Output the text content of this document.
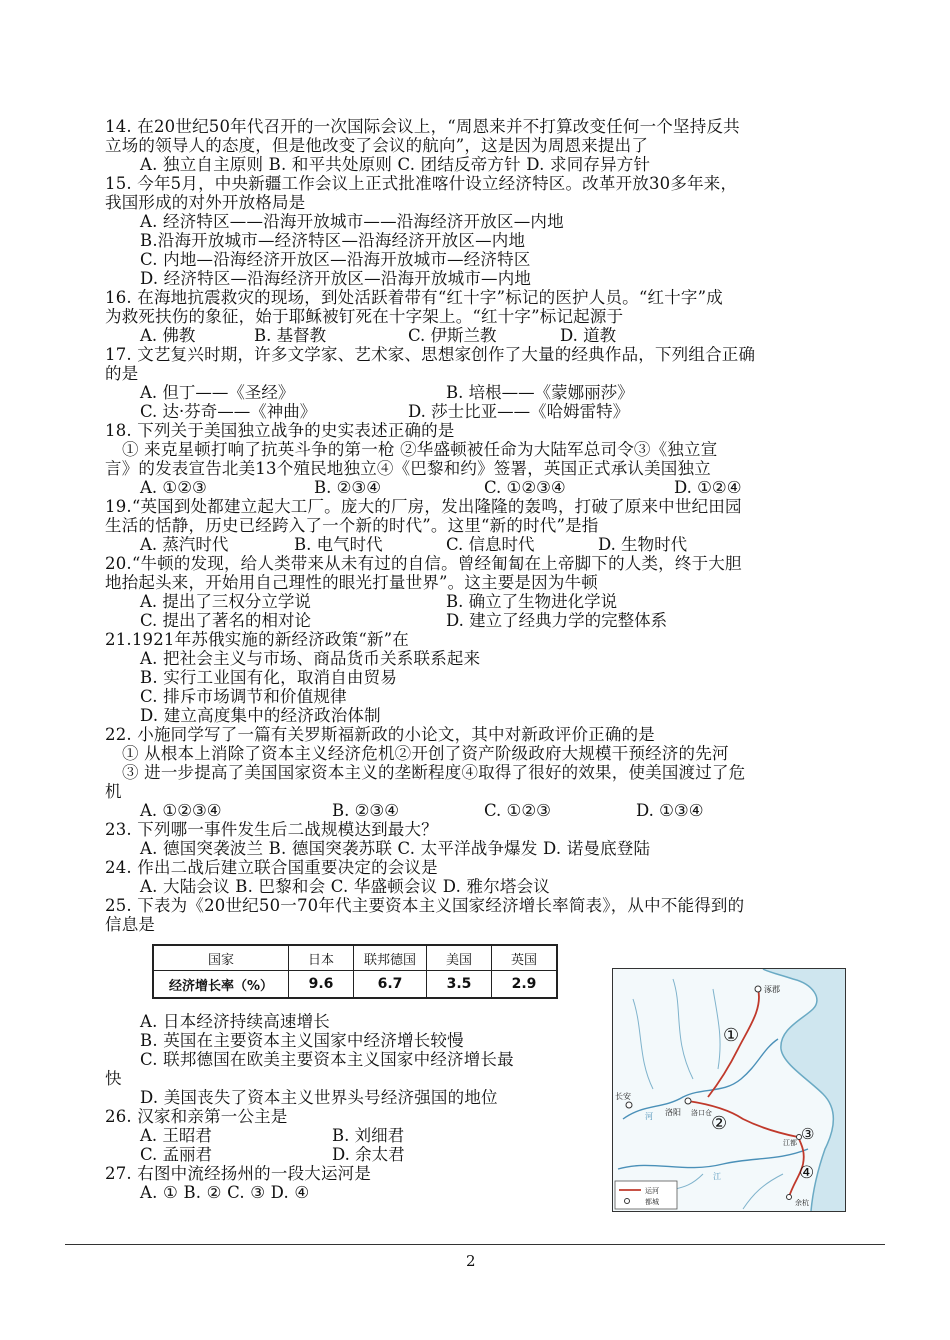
14. 在20世纪50年代召开的一次国际会议上，“周恩来并不打算改变任何一个坚持反共
立场的领导人的态度，但是他改变了会议的航向”，这是因为周恩来提出了
A. 独立自主原则 B. 和平共处原则 C. 团结反帝方针 D. 求同存异方针
15. 今年5月，中央新疆工作会议上正式批准喀什设立经济特区。改革开放30多年来，
我国形成的对外开放格局是
A. 经济特区——沿海开放城市——沿海经济开放区—内地
B.沿海开放城市—经济特区—沿海经济开放区—内地
C. 内地—沿海经济开放区—沿海开放城市—经济特区
D. 经济特区—沿海经济开放区—沿海开放城市—内地
16. 在海地抗震救灾的现场，到处活跃着带有“红十字”标记的医护人员。“红十字”成
为救死扶伤的象征，始于耶稣被钉死在十字架上。“红十字”标记起源于
A. 佛教	B. 基督教	C. 伊斯兰教	D. 道教
17. 文艺复兴时期，许多文学家、艺术家、思想家创作了大量的经典作品，下列组合正确
的是
A. 但丁——《圣经》	B. 培根——《蒙娜丽莎》
C. 达·芬奇——《神曲》	D. 莎士比亚——《哈姆雷特》
18. 下列关于美国独立战争的史实表述正确的是
① 来克星顿打响了抗英斗争的第一枪 ②华盛顿被任命为大陆军总司令③《独立宣
言》的发表宣告北美13个殖民地独立④《巴黎和约》签署，英国正式承认美国独立
A. ①②③	B. ②③④	C. ①②③④	D. ①②④
19.“英国到处都建立起大工厂。庞大的厂房，发出隆隆的轰鸣，打破了原来中世纪田园
生活的恬静，历史已经跨入了一个新的时代”。这里“新的时代”是指
A. 蒸汽时代	B. 电气时代	C. 信息时代	D. 生物时代
20.“牛顿的发现，给人类带来从未有过的自信。曾经匍匐在上帝脚下的人类，终于大胆
地抬起头来，开始用自己理性的眼光打量世界”。这主要是因为牛顿
A. 提出了三权分立学说	B. 确立了生物进化学说
C. 提出了著名的相对论	D. 建立了经典力学的完整体系
21.1921年苏俄实施的新经济政策“新”在
A. 把社会主义与市场、商品货币关系联系起来
B. 实行工业国有化，取消自由贸易
C. 排斥市场调节和价值规律
D. 建立高度集中的经济政治体制
22. 小施同学写了一篇有关罗斯福新政的小论文，其中对新政评价正确的是
① 从根本上消除了资本主义经济危机②开创了资产阶级政府大规模干预经济的先河
③ 进一步提高了美国国家资本主义的垄断程度④取得了很好的效果，使美国渡过了危
机
A. ①②③④	B. ②③④	C. ①②③	D. ①③④
23. 下列哪一事件发生后二战规模达到最大？
A. 德国突袭波兰 B. 德国突袭苏联 C. 太平洋战争爆发 D. 诺曼底登陆
24. 作出二战后建立联合国重要决定的会议是
A. 大陆会议 B. 巴黎和会 C. 华盛顿会议 D. 雅尔塔会议
25. 下表为《20世纪50一70年代主要资本主义国家经济增长率简表》，从中不能得到的
信息是
国家	日本	联邦德国	美国	英国
经济增长率（%）	9.6	6.7	3.5	2.9
A. 日本经济持续高速增长
B. 英国在主要资本主义国家中经济增长较慢
C. 联邦德国在欧美主要资本主义国家中经济增长最
快
D. 美国丧失了资本主义世界头号经济强国的地位
26. 汉家和亲第一公主是
A. 王昭君	B. 刘细君
C. 孟丽君	D. 余太君
27. 右图中流经扬州的一段大运河是
A. ① B. ② C. ③ D. ④
涿郡
长安
洛阳 洛口仓
江都
余杭
江
河
①
②	③
④
运河
都城
2
